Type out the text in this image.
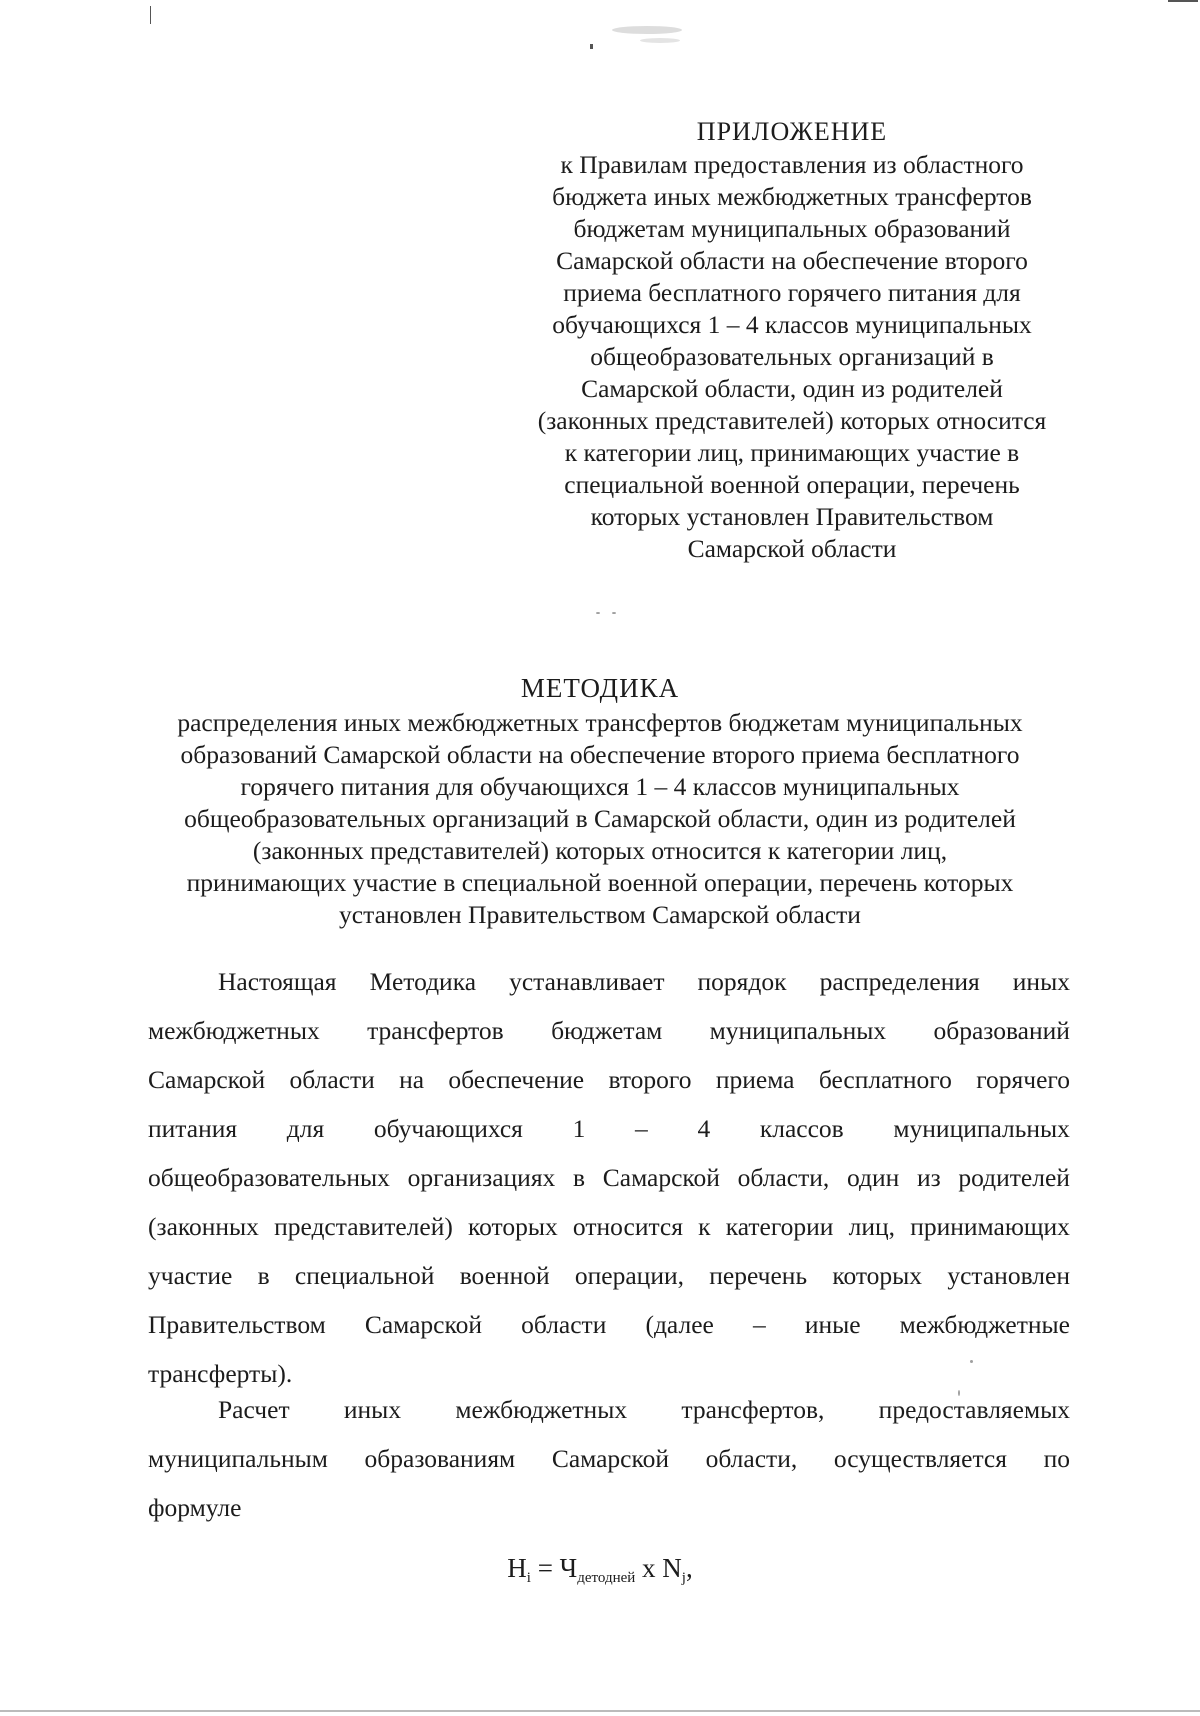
ПРИЛОЖЕНИЕ
к Правилам предоставления из областного
бюджета иных межбюджетных трансфертов
бюджетам муниципальных образований
Самарской области на обеспечение второго
приема бесплатного горячего питания для
обучающихся 1 – 4 классов муниципальных
общеобразовательных организаций в
Самарской области, один из родителей
(законных представителей) которых относится
к категории лиц, принимающих участие в
специальной военной операции, перечень
которых установлен Правительством
Самарской области
МЕТОДИКА
распределения иных межбюджетных трансфертов бюджетам муниципальных
образований Самарской области на обеспечение второго приема бесплатного
горячего питания для обучающихся 1 – 4 классов муниципальных
общеобразовательных организаций в Самарской области, один из родителей
(законных представителей) которых относится к категории лиц,
принимающих участие в специальной военной операции, перечень которых
установлен Правительством Самарской области
Настоящая Методика устанавливает порядок распределения иных
межбюджетных трансфертов бюджетам муниципальных образований
Самарской области на обеспечение второго приема бесплатного горячего
питания для обучающихся 1 – 4 классов муниципальных
общеобразовательных организациях в Самарской области, один из родителей
(законных представителей) которых относится к категории лиц, принимающих
участие в специальной военной операции, перечень которых установлен
Правительством Самарской области (далее – иные межбюджетные
трансферты).
Расчет иных межбюджетных трансфертов, предоставляемых
муниципальным образованиям Самарской области, осуществляется по
формуле
$Н_i = Ч_{детодней}$ х $N_j$,
